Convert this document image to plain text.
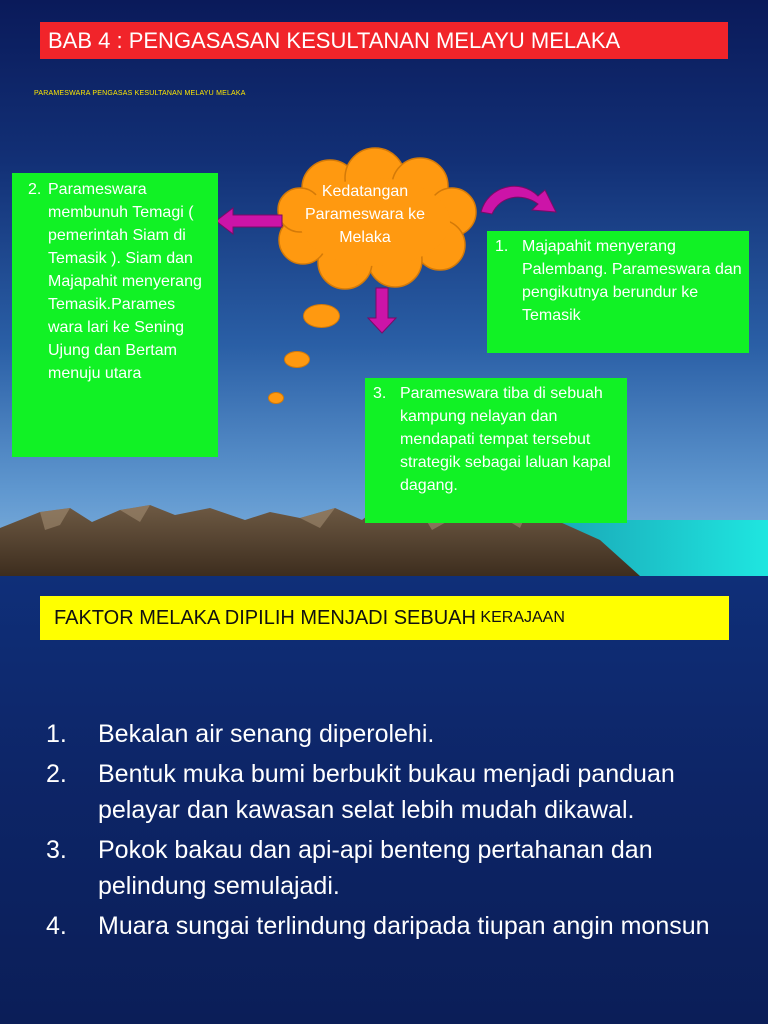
BAB 4 : PENGASASAN KESULTANAN MELAYU MELAKA
PARAMESWARA PENGASAS KESULTANAN MELAYU MELAKA
Kedatangan Parameswara ke Melaka
2. Parameswara membunuh Temagi ( pemerintah Siam di Temasik ). Siam dan Majapahit menyerang Temasik.Parames wara lari ke Sening Ujung dan Bertam menuju utara
1. Majapahit menyerang Palembang. Parameswara dan pengikutnya berundur ke Temasik
3. Parameswara tiba di sebuah kampung nelayan dan mendapati tempat tersebut strategik sebagai laluan kapal dagang.
FAKTOR MELAKA DIPILIH MENJADI SEBUAH
KERAJAAN
1. Bekalan air senang diperolehi.
2. Bentuk muka bumi berbukit bukau menjadi panduan pelayar dan kawasan selat lebih mudah dikawal.
3. Pokok bakau dan api-api benteng pertahanan dan pelindung semulajadi.
4. Muara sungai terlindung daripada tiupan angin monsun
